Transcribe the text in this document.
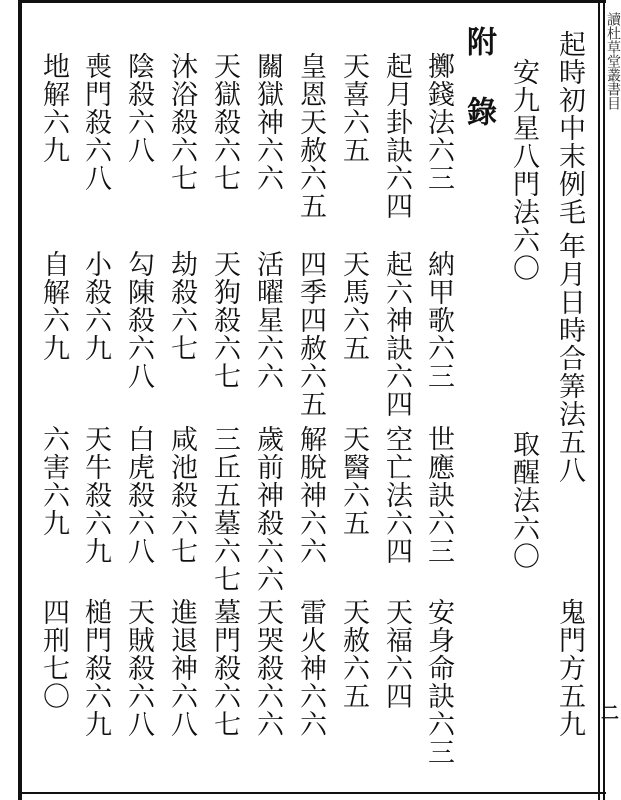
讀杜草堂叢書目
二
起時初中末例毛
年月日時合筭法五八
鬼門方五九
安九星八門法六〇
取醒法六〇
附
錄
擲錢法六三
納甲歌六三
世應訣六三
安身命訣六三
起月卦訣六四
起六神訣六四
空亡法六四
天福六四
天喜六五
天馬六五
天醫六五
天赦六五
皇恩天赦六五
四季四赦六五
解脫神六六
雷火神六六
關獄神六六
活曜星六六
歲前神殺六六
天哭殺六六
天獄殺六七
天狗殺六七
三丘五墓六七
墓門殺六七
沐浴殺六七
劫殺六七
咸池殺六七
進退神六八
陰殺六八
勾陳殺六八
白虎殺六八
天賊殺六八
喪門殺六八
小殺六九
天牛殺六九
槌門殺六九
地解六九
自解六九
六害六九
四刑七〇
